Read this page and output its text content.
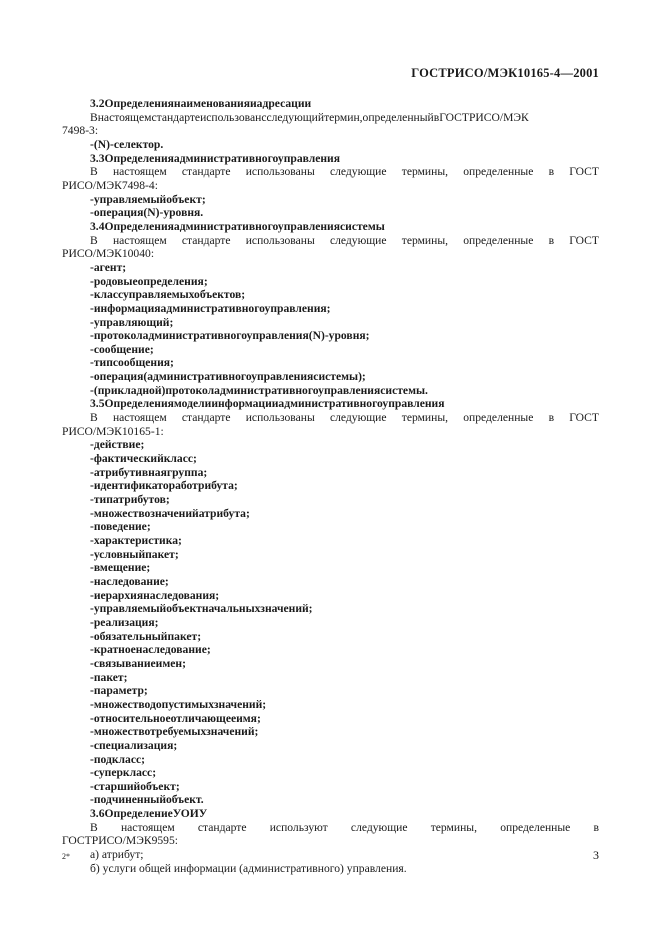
ГОСТРИСО/МЭК10165-4—2001
3.2Определениянаименованияиадресации
Внастоящемстандартеиспользовансследующийтермин,определенныйвГОСТРИСО/МЭК
7498-3:
-(N)-селектор.
3.3Определенияадминистративногоуправления
В настоящем стандарте использованы следующие термины, определенные в ГОСТ
РИСО/МЭК7498-4:
-управляемыйобъект;
-операция(N)-уровня.
3.4Определенияадминистративногоуправлениясистемы
В настоящем стандарте использованы следующие термины, определенные в ГОСТ
РИСО/МЭК10040:
-агент;
-родовыеопределения;
-классуправляемыхобъектов;
-информацияадминистративногоуправления;
-управляющий;
-протоколадминистративногоуправления(N)-уровня;
-сообщение;
-типсообщения;
-операция(административногоуправлениясистемы);
-(прикладной)протоколадминистративногоуправлениясистемы.
3.5Определениямоделиинформацииадминистративногоуправления
В настоящем стандарте использованы следующие термины, определенные в ГОСТ
РИСО/МЭК10165-1:
-действие;
-фактическийкласс;
-атрибутивнаягруппа;
-идентификатоработрибута;
-типатрибутов;
-множествозначенийатрибута;
-поведение;
-характеристика;
-условныйпакет;
-вмещение;
-наследование;
-иерархиянаследования;
-управляемыйобъектначальныхзначений;
-реализация;
-обязательныйпакет;
-кратноенаследование;
-связываниеимен;
-пакет;
-параметр;
-множестводопустимыхзначений;
-относительноеотличающееимя;
-множествотребуемыхзначений;
-специализация;
-подкласс;
-суперкласс;
-старшийобъект;
-подчиненныйобъект.
3.6ОпределениеУОИУ
В настоящем стандарте используют следующие термины, определенные в
ГОСТРИСО/МЭК9595:
а) атрибут;
б) услуги общей информации (административного) управления.
2*	3
